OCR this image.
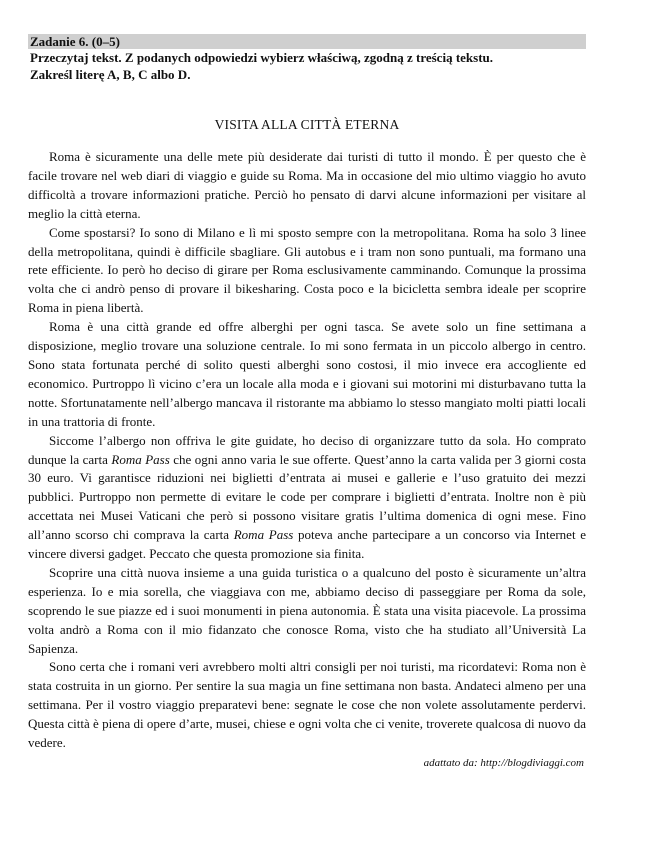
Zadanie 6. (0–5)

Przeczytaj tekst. Z podanych odpowiedzi wybierz właściwą, zgodną z treścią tekstu.

Zakreśl literę A, B, C albo D.

VISITA ALLA CITTÀ ETERNA

Roma è sicuramente una delle mete più desiderate dai turisti di tutto il mondo. È per questo che è facile trovare nel web diari di viaggio e guide su Roma. Ma in occasione del mio ultimo viaggio ho avuto difficoltà a trovare informazioni pratiche. Perciò ho pensato di darvi alcune informazioni per visitare al meglio la città eterna.

Come spostarsi? Io sono di Milano e lì mi sposto sempre con la metropolitana. Roma ha solo 3 linee della metropolitana, quindi è difficile sbagliare. Gli autobus e i tram non sono puntuali, ma formano una rete efficiente. Io però ho deciso di girare per Roma esclusivamente camminando. Comunque la prossima volta che ci andrò penso di provare il bikesharing. Costa poco e la bicicletta sembra ideale per scoprire Roma in piena libertà.

Roma è una città grande ed offre alberghi per ogni tasca. Se avete solo un fine settimana a disposizione, meglio trovare una soluzione centrale. Io mi sono fermata in un piccolo albergo in centro. Sono stata fortunata perché di solito questi alberghi sono costosi, il mio invece era accogliente ed economico. Purtroppo lì vicino c’era un locale alla moda e i giovani sui motorini mi disturbavano tutta la notte. Sfortunatamente nell’albergo mancava il ristorante ma abbiamo lo stesso mangiato molti piatti locali in una trattoria di fronte.

Siccome l’albergo non offriva le gite guidate, ho deciso di organizzare tutto da sola. Ho comprato dunque la carta Roma Pass che ogni anno varia le sue offerte. Quest’anno la carta valida per 3 giorni costa 30 euro. Vi garantisce riduzioni nei biglietti d’entrata ai musei e gallerie e l’uso gratuito dei mezzi pubblici. Purtroppo non permette di evitare le code per comprare i biglietti d’entrata. Inoltre non è più accettata nei Musei Vaticani che però si possono visitare gratis l’ultima domenica di ogni mese. Fino all’anno scorso chi comprava la carta Roma Pass poteva anche partecipare a un concorso via Internet e vincere diversi gadget. Peccato che questa promozione sia finita.

Scoprire una città nuova insieme a una guida turistica o a qualcuno del posto è sicuramente un’altra esperienza. Io e mia sorella, che viaggiava con me, abbiamo deciso di passeggiare per Roma da sole, scoprendo le sue piazze ed i suoi monumenti in piena autonomia. È stata una visita piacevole. La prossima volta andrò a Roma con il mio fidanzato che conosce Roma, visto che ha studiato all’Università La Sapienza.

Sono certa che i romani veri avrebbero molti altri consigli per noi turisti, ma ricordatevi: Roma non è stata costruita in un giorno. Per sentire la sua magia un fine settimana non basta. Andateci almeno per una settimana. Per il vostro viaggio preparatevi bene: segnate le cose che non volete assolutamente perdervi. Questa città è piena di opere d’arte, musei, chiese e ogni volta che ci venite, troverete qualcosa di nuovo da vedere.

adattato da: http://blogdiviaggi.com
